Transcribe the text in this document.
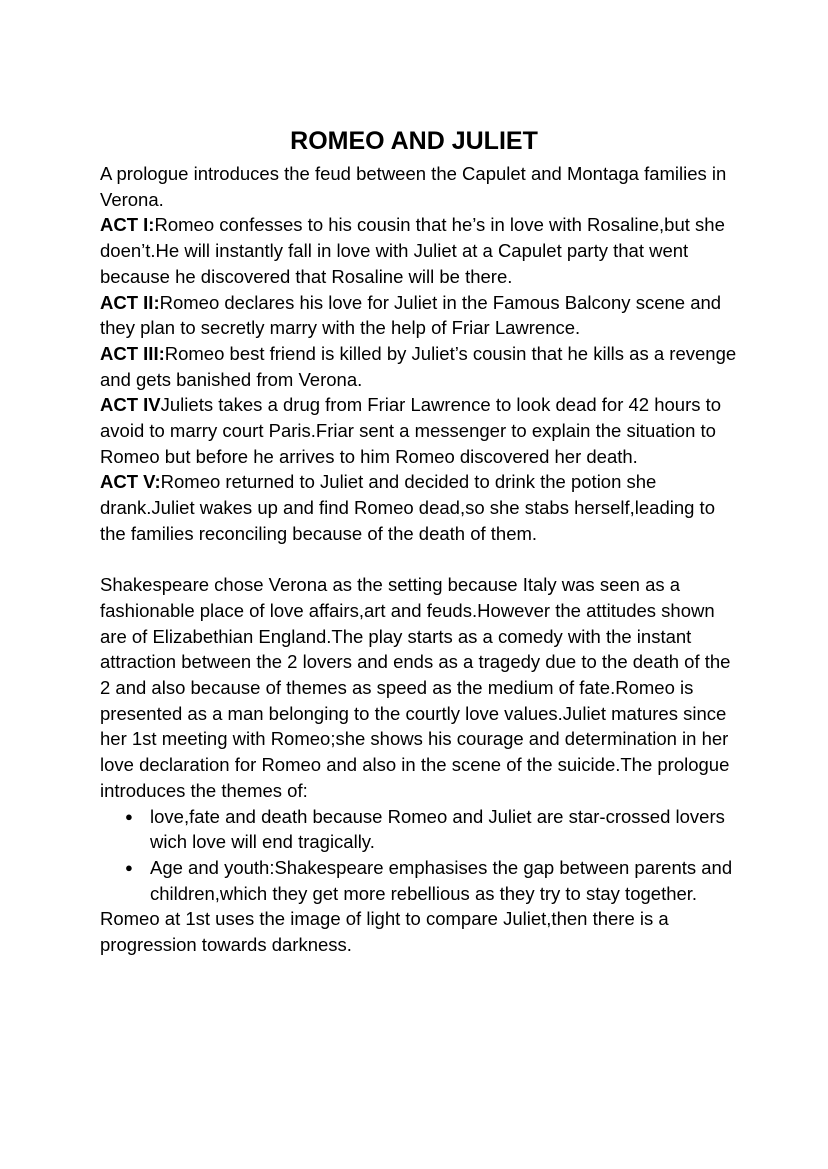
ROMEO AND JULIET

A prologue introduces the feud between the Capulet and Montaga families in Verona.

ACT I:Romeo confesses to his cousin that he’s in love with Rosaline,but she doen’t.He will instantly fall in love with Juliet at a Capulet party that went because he discovered that Rosaline will be there.

ACT II:Romeo declares his love for Juliet in the Famous Balcony scene and they plan to secretly marry with the help of Friar Lawrence.

ACT III:Romeo best friend is killed by Juliet’s cousin that he kills as a revenge and gets banished from Verona.

ACT IVJuliets takes a drug from Friar Lawrence to look dead for 42 hours to avoid to marry court Paris.Friar sent a messenger to explain the situation to Romeo but before he arrives to him Romeo discovered her death.

ACT V:Romeo returned to Juliet and decided to drink the potion she drank.Juliet wakes up and find Romeo dead,so she stabs herself,leading to the families reconciling because of the death of them.

Shakespeare chose Verona as the setting because Italy was seen as a fashionable place of love affairs,art and feuds.However the attitudes shown are of Elizabethian England.The play starts as a comedy with the instant attraction between the 2 lovers and ends as a tragedy due to the death of the 2 and also because of themes as speed as the medium of fate.Romeo is presented as a man belonging to the courtly love values.Juliet matures since her 1st meeting with Romeo;she shows his courage and determination in her love declaration for Romeo and also in the scene of the suicide.The prologue introduces the themes of:

● love,fate and death because Romeo and Juliet are star-crossed lovers wich love will end tragically.
● Age and youth:Shakespeare emphasises the gap between parents and children,which they get more rebellious as they try to stay together.

Romeo at 1st uses the image of light to compare Juliet,then there is a progression towards darkness.
